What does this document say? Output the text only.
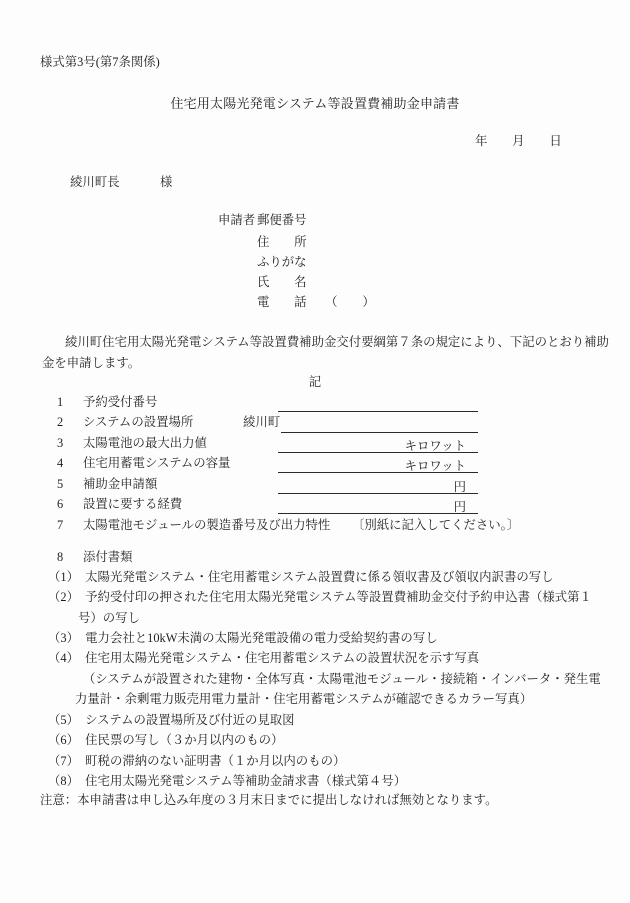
様式第3号(第7条関係)
住宅用太陽光発電システム等設置費補助金申請書
年　　月　　日
綾川町長	様
申請者 郵便番号
住　　所
ふりがな
氏　　名
電　　話　　（　　）
綾川町住宅用太陽光発電システム等設置費補助金交付要綱第７条の規定により、下記のとおり補助
金を申請します。
記
1 予約受付番号
2 システムの設置場所	綾川町
3 太陽電池の最大出力値	キロワット
4 住宅用蓄電システムの容量	キロワット
5 補助金申請額	円
6 設置に要する経費	円
7 太陽電池モジュールの製造番号及び出力特性 〔別紙に記入してください。〕
8 添付書類
（1）　太陽光発電システム・住宅用蓄電システム設置費に係る領収書及び領収内訳書の写し
（2）　予約受付印の押された住宅用太陽光発電システム等設置費補助金交付予約申込書（様式第１
号）の写し
（3）　電力会社と10kW未満の太陽光発電設備の電力受給契約書の写し
（4）　住宅用太陽光発電システム・住宅用蓄電システムの設置状況を示す写真
（システムが設置された建物・全体写真・太陽電池モジュール・接続箱・インバータ・発生電
力量計・余剰電力販売用電力量計・住宅用蓄電システムが確認できるカラー写真）
（5）　システムの設置場所及び付近の見取図
（6）　住民票の写し（３か月以内のもの）
（7）　町税の滞納のない証明書（１か月以内のもの）
（8）　住宅用太陽光発電システム等補助金請求書（様式第４号）
注意：本申請書は申し込み年度の３月末日までに提出しなければ無効となります。
